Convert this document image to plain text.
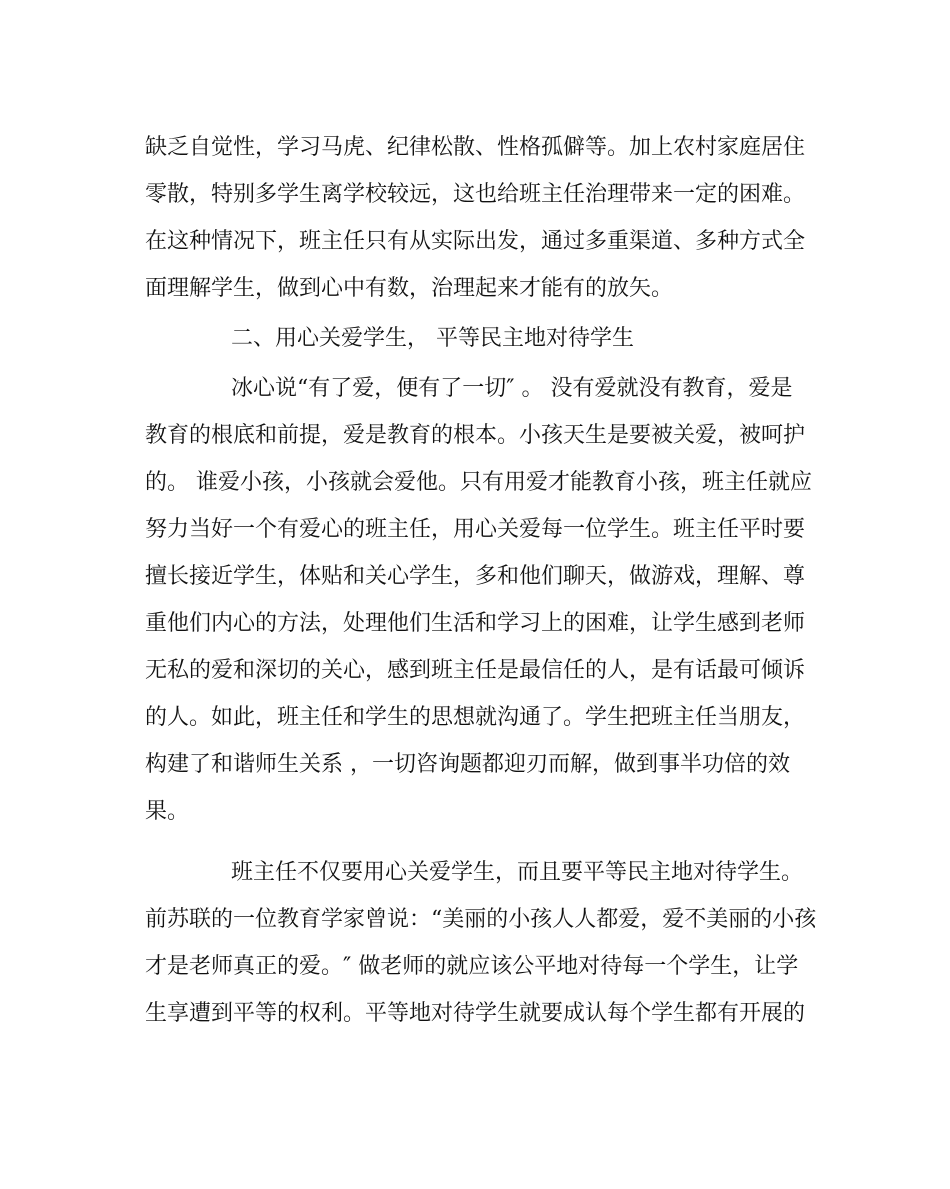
缺乏自觉性，学习马虎、纪律松散、性格孤僻等。加上农村家庭居住
零散，特别多学生离学校较远，这也给班主任治理带来一定的困难。
在这种情况下，班主任只有从实际出发，通过多重渠道、多种方式全
面理解学生，做到心中有数，治理起来才能有的放矢。
二、用心关爱学生， 平等民主地对待学生
冰心说“有了爱，便有了一切″ 。 没有爱就没有教育，爱是
教育的根底和前提，爱是教育的根本。小孩天生是要被关爱，被呵护
的。 谁爱小孩，小孩就会爱他。只有用爱才能教育小孩，班主任就应
努力当好一个有爱心的班主任，用心关爱每一位学生。班主任平时要
擅长接近学生，体贴和关心学生，多和他们聊天，做游戏，理解、尊
重他们内心的方法，处理他们生活和学习上的困难，让学生感到老师
无私的爱和深切的关心，感到班主任是最信任的人，是有话最可倾诉
的人。如此，班主任和学生的思想就沟通了。学生把班主任当朋友，
构建了和谐师生关系 ，一切咨询题都迎刃而解，做到事半功倍的效
果。
班主任不仅要用心关爱学生，而且要平等民主地对待学生。
前苏联的一位教育学家曾说：“美丽的小孩人人都爱，爱不美丽的小孩
才是老师真正的爱。″ 做老师的就应该公平地对待每一个学生，让学
生享遭到平等的权利。平等地对待学生就要成认每个学生都有开展的
